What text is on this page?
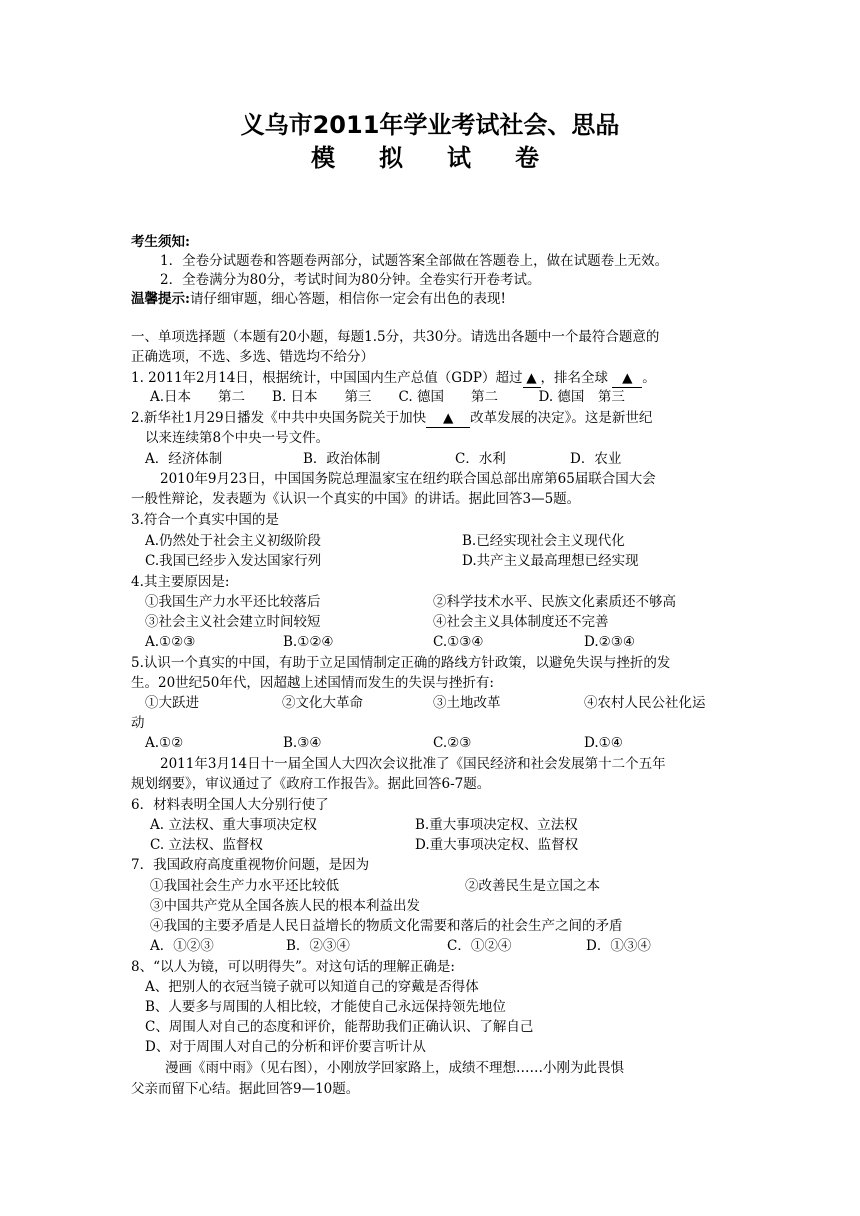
义乌市2011年学业考试社会、思品
模　拟　试　卷
考生须知:
1．全卷分试题卷和答题卷两部分，试题答案全部做在答题卷上，做在试题卷上无效。
2．全卷满分为80分，考试时间为80分钟。全卷实行开卷考试。
温馨提示:请仔细审题，细心答题，相信你一定会有出色的表现!
一、单项选择题（本题有20小题，每题1.5分，共30分。请选出各题中一个最符合题意的
正确选项，不选、多选、错选均不给分）
1. 2011年2月14日，根据统计，中国国内生产总值（GDP）超过 ▲ ，排名全球 ▲ 。
A.日本　　第二　　B. 日本　　第三　　C. 德国　　第二　　　D. 德国　第三
2.新华社1月29日播发《中共中央国务院关于加快 ▲ 改革发展的决定》。这是新世纪
以来连续第8个中央一号文件。
A．经济体制	B．政治体制	C．水利	D．农业
2010年9月23日，中国国务院总理温家宝在纽约联合国总部出席第65届联合国大会
一般性辩论，发表题为《认识一个真实的中国》的讲话。据此回答3—5题。
3.符合一个真实中国的是
A.仍然处于社会主义初级阶段	B.已经实现社会主义现代化
C.我国已经步入发达国家行列	D.共产主义最高理想已经实现
4.其主要原因是:
①我国生产力水平还比较落后	②科学技术水平、民族文化素质还不够高
③社会主义社会建立时间较短	④社会主义具体制度还不完善
A.①②③	B.①②④	C.①③④	D.②③④
5.认识一个真实的中国，有助于立足国情制定正确的路线方针政策，以避免失误与挫折的发
生。20世纪50年代，因超越上述国情而发生的失误与挫折有:
①大跃进	②文化大革命	③土地改革	④农村人民公社化运
动
A.①②	B.③④	C.②③	D.①④
2011年3月14日十一届全国人大四次会议批准了《国民经济和社会发展第十二个五年
规划纲要》，审议通过了《政府工作报告》。据此回答6-7题。
6．材料表明全国人大分别行使了
A. 立法权、重大事项决定权	B.重大事项决定权、立法权
C. 立法权、监督权	D.重大事项决定权、监督权
7．我国政府高度重视物价问题，是因为
①我国社会生产力水平还比较低	②改善民生是立国之本
③中国共产党从全国各族人民的根本利益出发
④我国的主要矛盾是人民日益增长的物质文化需要和落后的社会生产之间的矛盾
A．①②③	B．②③④	C．①②④	D．①③④
8、“以人为镜，可以明得失”。对这句话的理解正确是:
A、把别人的衣冠当镜子就可以知道自己的穿戴是否得体
B、人要多与周围的人相比较，才能使自己永远保持领先地位
C、周围人对自己的态度和评价，能帮助我们正确认识、了解自己
D、对于周围人对自己的分析和评价要言听计从
漫画《雨中雨》（见右图），小刚放学回家路上，成绩不理想……小刚为此畏惧
父亲而留下心结。据此回答9—10题。
